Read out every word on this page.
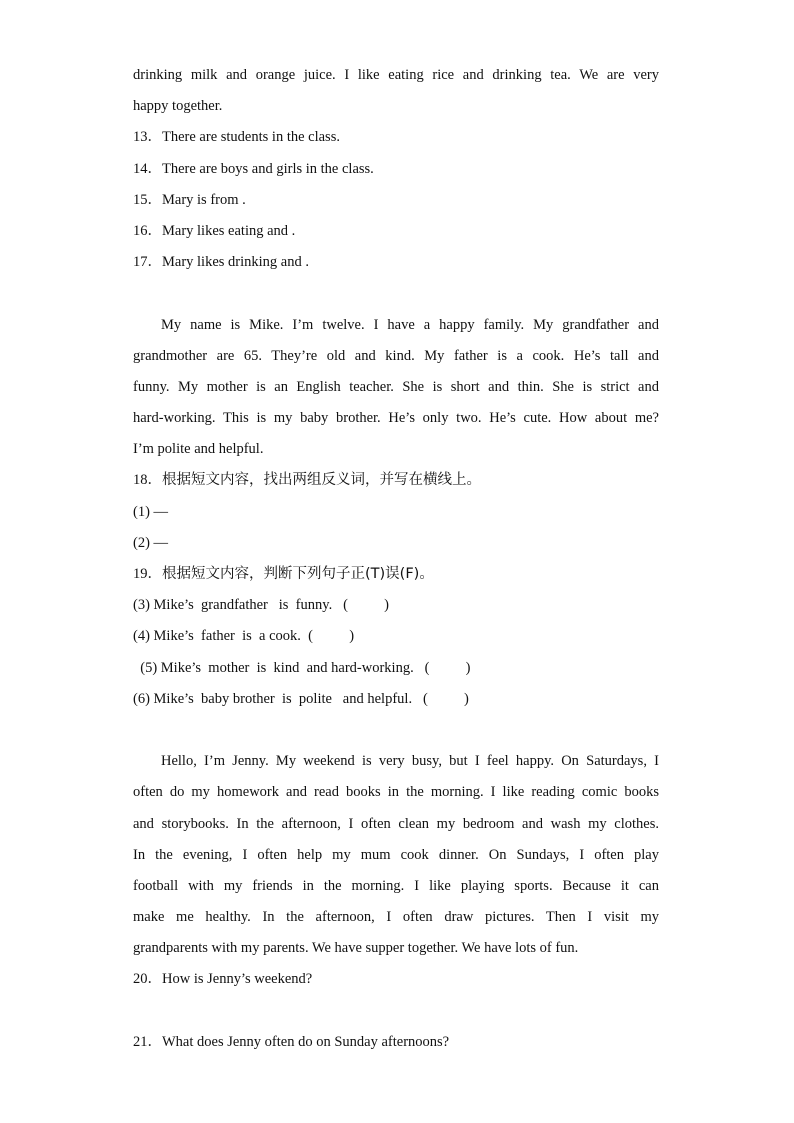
drinking milk and orange juice. I like eating rice and drinking tea. We are very
happy together.
13．There are students in the class.
14．There are boys and girls in the class.
15．Mary is from .
16．Mary likes eating and .
17．Mary likes drinking and .
My name is Mike. I’m twelve. I have a happy family. My grandfather and
grandmother are 65. They’re old and kind. My father is a cook. He’s tall and
funny. My mother is an English teacher. She is short and thin. She is strict and
hard-working. This is my baby brother. He’s only two. He’s cute. How about me?
I’m polite and helpful.
18．根据短文内容，找出两组反义词，并写在横线上。
(1) —
(2) —
19．根据短文内容，判断下列句子正(T)误(F)。
(3) Mike’s  grandfather   is  funny.   (          )
(4) Mike’s  father  is  a cook.  (          )
(5) Mike’s  mother  is  kind  and hard-working.   (          )
(6) Mike’s  baby brother  is  polite   and helpful.   (          )
Hello, I’m Jenny. My weekend is very busy, but I feel happy. On Saturdays, I
often do my homework and read books in the morning. I like reading comic books
and storybooks. In the afternoon, I often clean my bedroom and wash my clothes.
In the evening, I often help my mum cook dinner. On Sundays, I often play
football with my friends in the morning. I like playing sports. Because it can
make me healthy. In the afternoon, I often draw pictures. Then I visit my
grandparents with my parents. We have supper together. We have lots of fun.
20．How is Jenny’s weekend?
21．What does Jenny often do on Sunday afternoons?
